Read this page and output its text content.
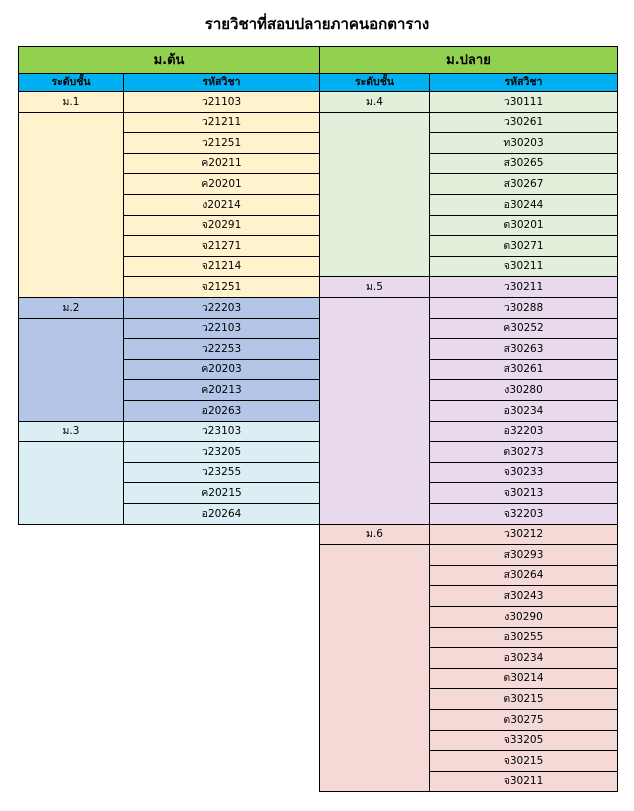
รายวิชาที่สอบปลายภาคนอกตาราง
ม.ต้น
ระดับชั้น	รหัสวิชา
ม.1	ว21103
ว21211
ว21251
ค20211
ค20201
ง20214
จ20291
จ21271
จ21214
จ21251
ม.2	ว22203
ว22103
ว22253
ค20203
ค20213
อ20263
ม.3	ว23103
ว23205
ว23255
ค20215
อ20264
ม.ปลาย
ระดับชั้น	รหัสวิชา
ม.4	ว30111
ว30261
ท30203
ส30265
ส30267
อ30244
ต30201
ต30271
จ30211
ม.5	ว30211
ว30288
ค30252
ส30263
ส30261
ง30280
อ30234
อ32203
ต30273
จ30233
จ30213
จ32203
ม.6	ว30212
ส30293
ส30264
ส30243
ง30290
อ30255
อ30234
ต30214
ต30215
ต30275
จ33205
จ30215
จ30211
